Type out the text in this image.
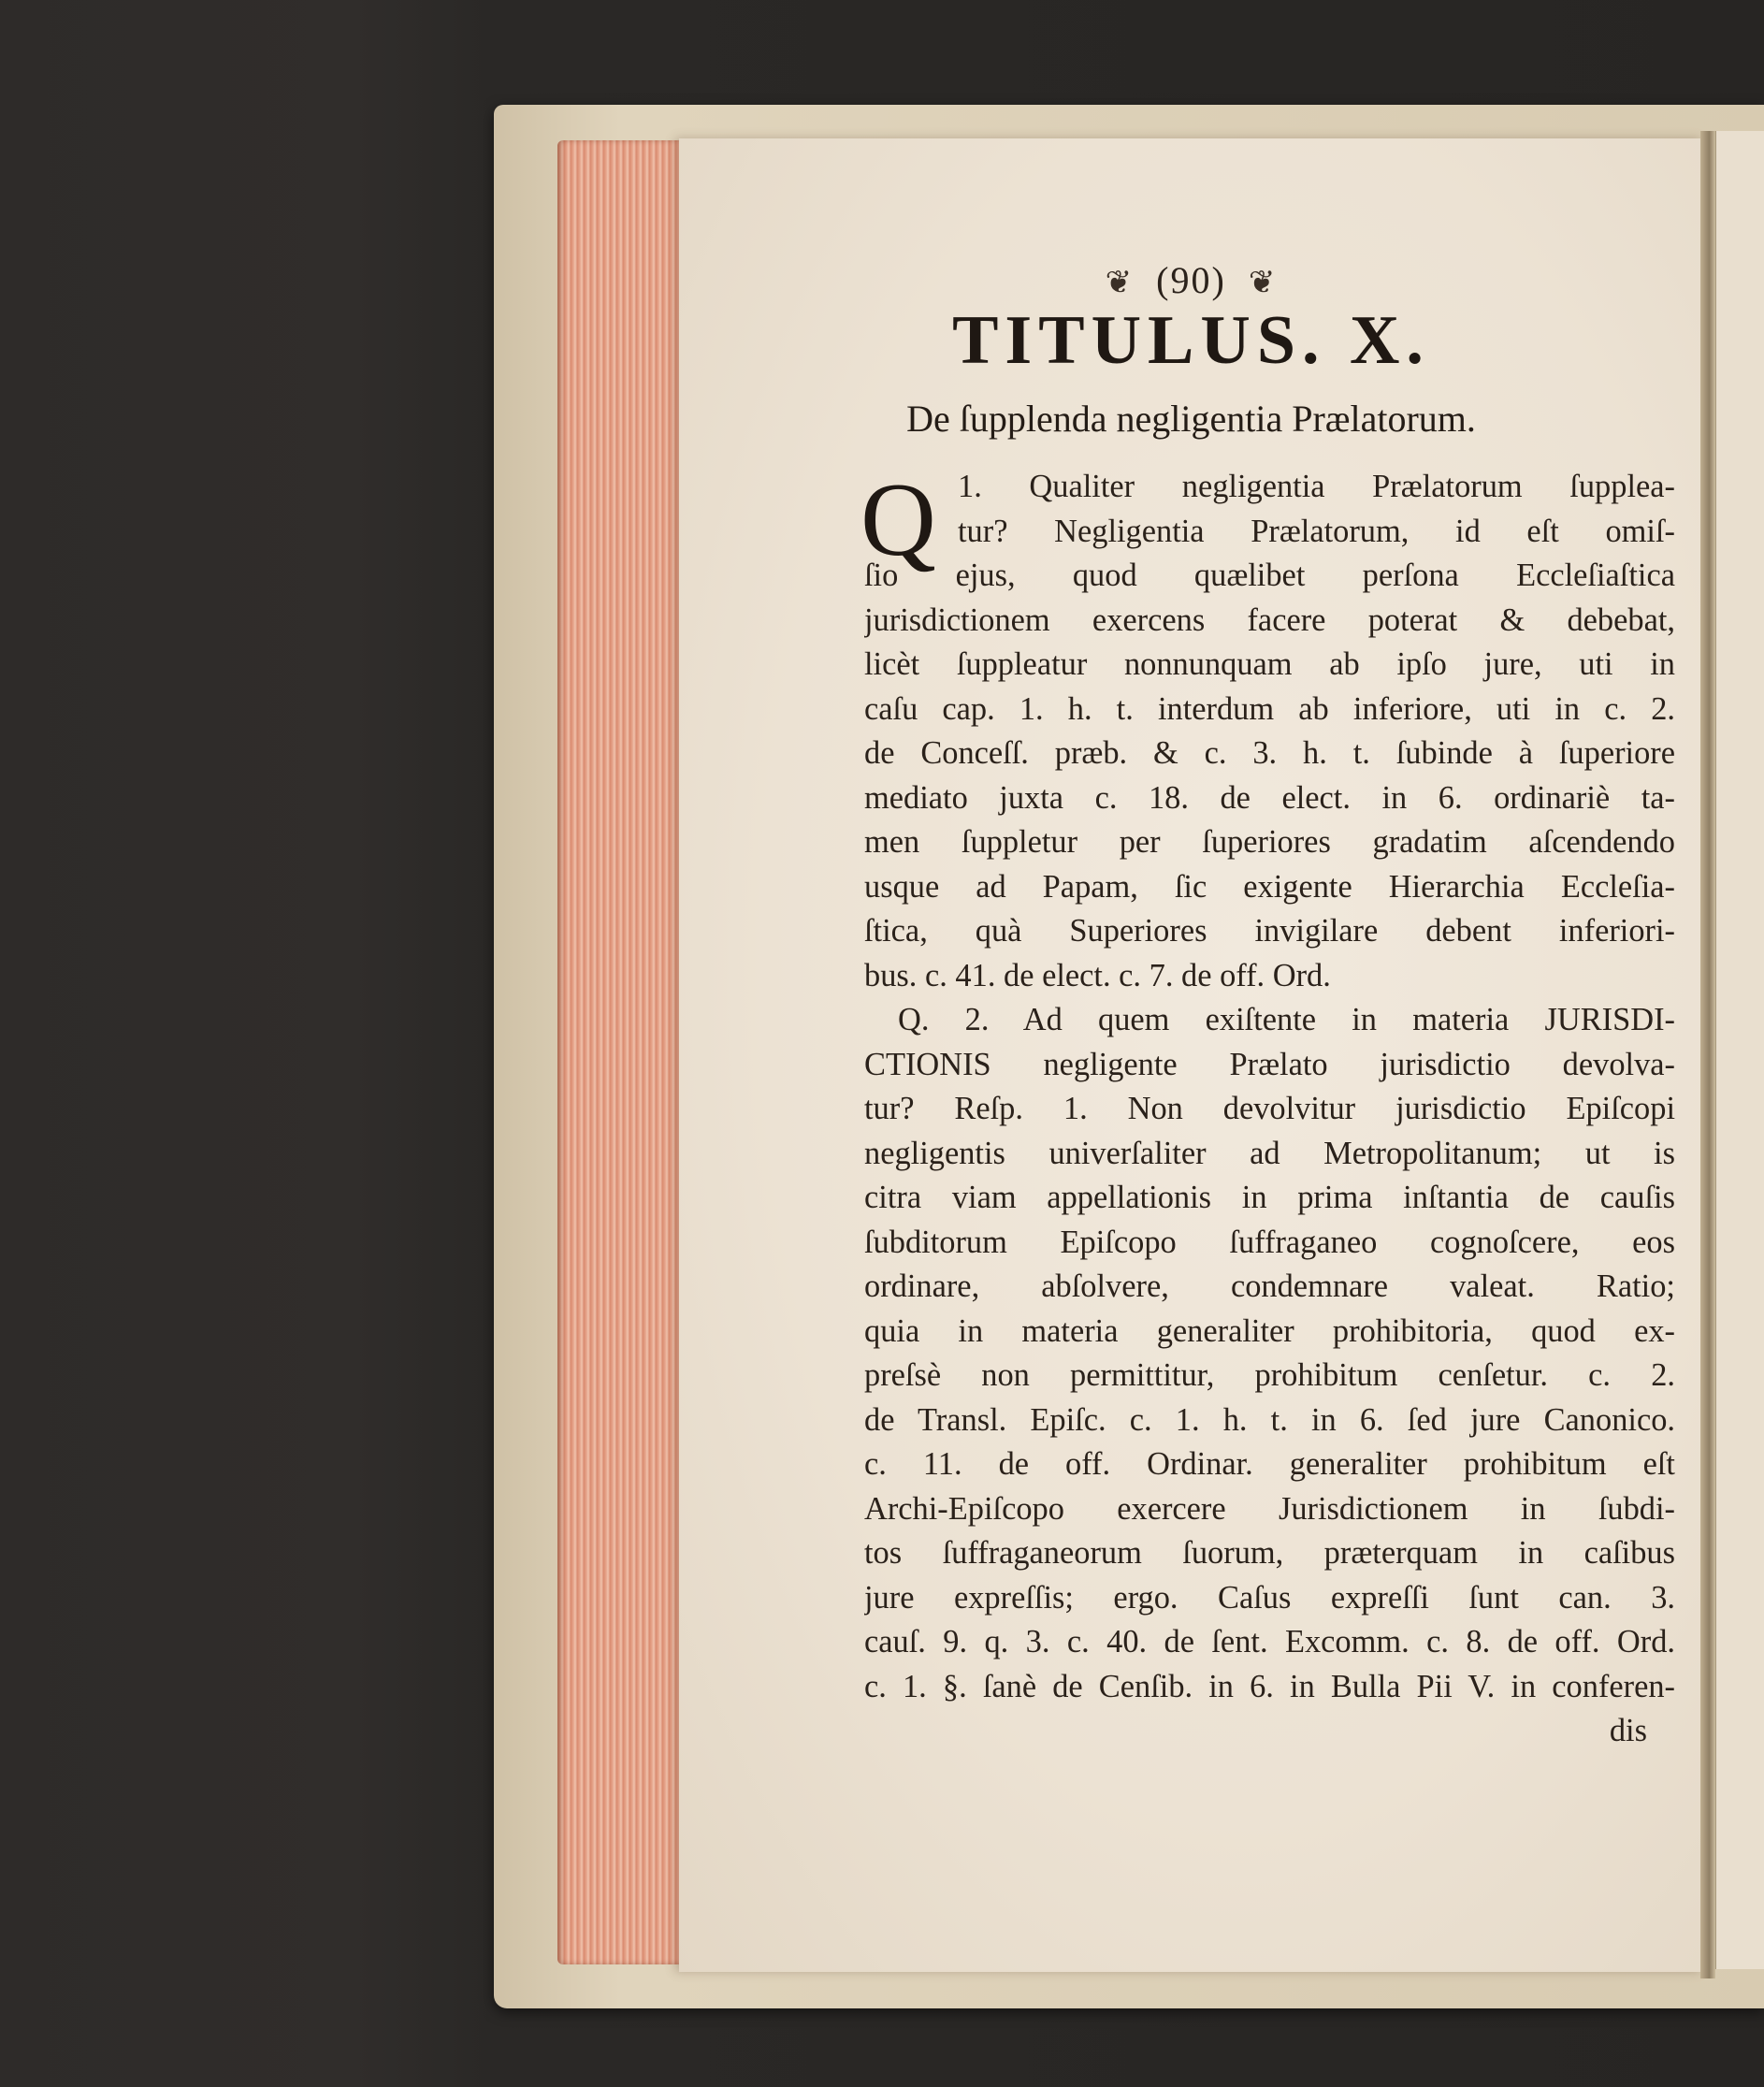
❦ (90) ❦
TITULUS. X.
De ſupplenda negligentia Prælatorum.
Q 1. Qualiter negligentia Prælatorum ſupplea-
tur? Negligentia Prælatorum, id eſt omiſ-
ſio ejus, quod quælibet perſona Eccleſiaſtica
jurisdictionem exercens facere poterat & debebat,
licèt ſuppleatur nonnunquam ab ipſo jure, uti in
caſu cap. 1. h. t. interdum ab inferiore, uti in c. 2.
de Conceſſ. præb. & c. 3. h. t. ſubinde à ſuperiore
mediato juxta c. 18. de elect. in 6. ordinariè ta-
men ſuppletur per ſuperiores gradatim aſcendendo
usque ad Papam, ſic exigente Hierarchia Eccleſia-
ſtica, quà Superiores invigilare debent inferiori-
bus. c. 41. de elect. c. 7. de off. Ord.
Q. 2. Ad quem exiſtente in materia JURISDI-
CTIONIS negligente Prælato jurisdictio devolva-
tur? Reſp. 1. Non devolvitur jurisdictio Epiſcopi
negligentis univerſaliter ad Metropolitanum; ut is
citra viam appellationis in prima inſtantia de cauſis
ſubditorum Epiſcopo ſuffraganeo cognoſcere, eos
ordinare, abſolvere, condemnare valeat. Ratio;
quia in materia generaliter prohibitoria, quod ex-
preſsè non permittitur, prohibitum cenſetur. c. 2.
de Transl. Epiſc. c. 1. h. t. in 6. ſed jure Canonico.
c. 11. de off. Ordinar. generaliter prohibitum eſt
Archi-Epiſcopo exercere Jurisdictionem in ſubdi-
tos ſuffraganeorum ſuorum, præterquam in caſibus
jure expreſſis; ergo. Caſus expreſſi ſunt can. 3.
cauſ. 9. q. 3. c. 40. de ſent. Excomm. c. 8. de off. Ord.
c. 1. §. ſanè de Cenſib. in 6. in Bulla Pii V. in conferen-
dis
